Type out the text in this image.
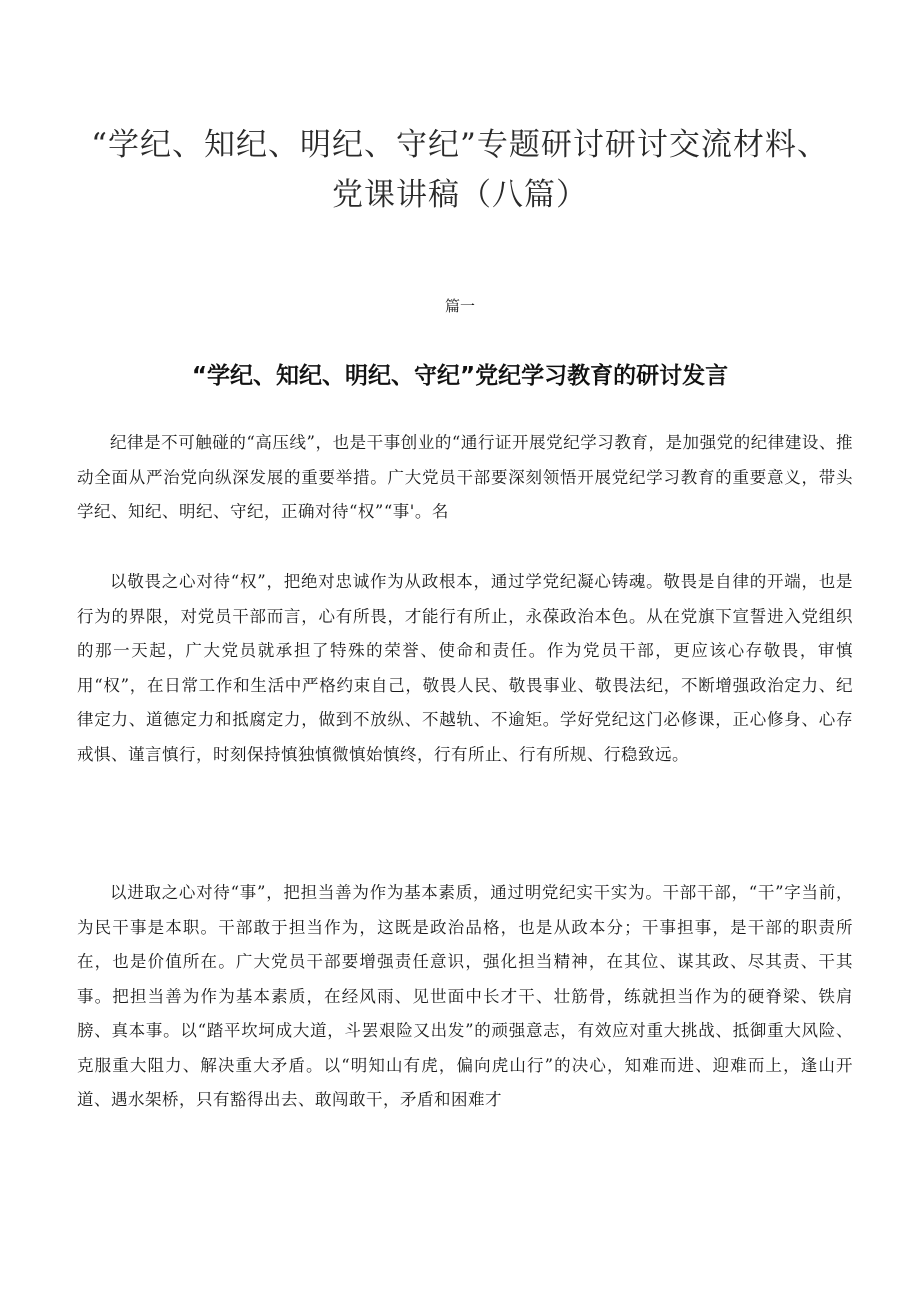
“学纪、知纪、明纪、守纪”专题研讨研讨交流材料、党课讲稿（八篇）

篇一

“学纪、知纪、明纪、守纪”党纪学习教育的研讨发言

纪律是不可触碰的“高压线”，也是干事创业的“通行证开展党纪学习教育，是加强党的纪律建设、推动全面从严治党向纵深发展的重要举措。广大党员干部要深刻领悟开展党纪学习教育的重要意义，带头学纪、知纪、明纪、守纪，正确对待“权”“事'。名

以敬畏之心对待“权”，把绝对忠诚作为从政根本，通过学党纪凝心铸魂。敬畏是自律的开端，也是行为的界限，对党员干部而言，心有所畏，才能行有所止，永葆政治本色。从在党旗下宣誓进入党组织的那一天起，广大党员就承担了特殊的荣誉、使命和责任。作为党员干部，更应该心存敬畏，审慎用“权”，在日常工作和生活中严格约束自己，敬畏人民、敬畏事业、敬畏法纪，不断增强政治定力、纪律定力、道德定力和抵腐定力，做到不放纵、不越轨、不逾矩。学好党纪这门必修课，正心修身、心存戒惧、谨言慎行，时刻保持慎独慎微慎始慎终，行有所止、行有所规、行稳致远。

以进取之心对待“事”，把担当善为作为基本素质，通过明党纪实干实为。干部干部，“干”字当前，为民干事是本职。干部敢于担当作为，这既是政治品格，也是从政本分；干事担事，是干部的职责所在，也是价值所在。广大党员干部要增强责任意识，强化担当精神，在其位、谋其政、尽其责、干其事。把担当善为作为基本素质，在经风雨、见世面中长才干、壮筋骨，练就担当作为的硬脊梁、铁肩膀、真本事。以“踏平坎坷成大道，斗罢艰险又出发”的顽强意志，有效应对重大挑战、抵御重大风险、克服重大阻力、解决重大矛盾。以“明知山有虎，偏向虎山行”的决心，知难而进、迎难而上，逢山开道、遇水架桥，只有豁得出去、敢闯敢干，矛盾和困难才
